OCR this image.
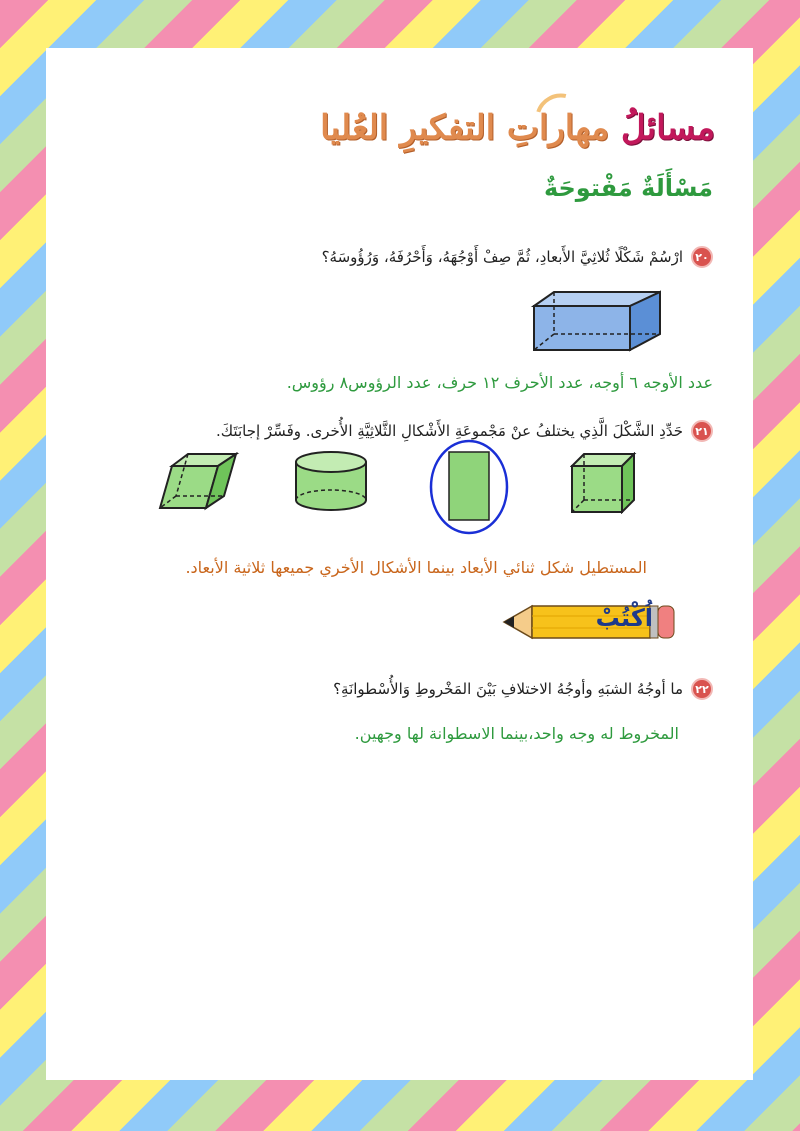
مسائلُ مهاراتِ التفكيرِ العُليا
مَسْأَلَةٌ مَفْتوحَةٌ
٢٠
ارْسُمْ شَكْلًا ثُلاثِيَّ الأَبعادِ، ثُمَّ صِفْ أَوْجُهَهُ، وَأَحْرُفَهُ، وَرُؤُوسَهُ؟
عدد الأوجه ٦ أوجه، عدد الأحرف ١٢ حرف، عدد الرؤوس٨ رؤوس.
٢١
حَدِّدِ الشَّكْلَ الَّذِي يختلفُ عنْ مَجْموعَةِ الأَشْكالِ الثَّلاثِيَّةِ الأُخرى. وفَسِّرْ إجابَتَكَ.
المستطيل شكل ثنائي الأبعاد بينما الأشكال الأخري جميعها ثلاثية الأبعاد.
اُكْتُبْ
٢٢
ما أوجُهُ الشبَهِ وأوجُهُ الاختلافِ بَيْنَ المَخْروطِ وَالأُسْطوانَةِ؟
المخروط له وجه واحد،بينما الاسطوانة لها وجهين.
